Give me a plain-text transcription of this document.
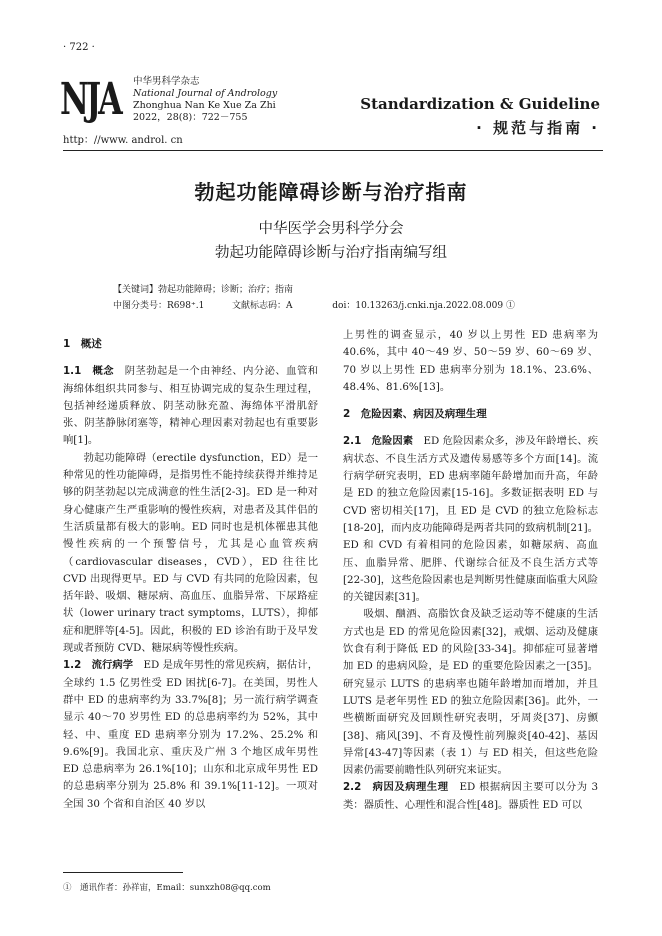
· 722 ·
NJA 中华男科学杂志
National Journal of Andrology
Zhonghua Nan Ke Xue Za Zhi
2022，28(8)：722－755
http：//www. androl. cn
Standardization & Guideline
· 规范与指南 ·
勃起功能障碍诊断与治疗指南
中华医学会男科学分会
勃起功能障碍诊断与治疗指南编写组
【关键词】勃起功能障碍；诊断；治疗；指南
中图分类号：R698⁺.1	文献标志码：A	doi：10.13263/j.cnki.nja.2022.08.009 ①

1　概述

1.1　概念　阴茎勃起是一个由神经、内分泌、血管和海绵体组织共同参与、相互协调完成的复杂生理过程，包括神经递质释放、阴茎动脉充盈、海绵体平滑肌舒张、阴茎静脉闭塞等，精神心理因素对勃起也有重要影响[1]。

勃起功能障碍（erectile dysfunction，ED）是一种常见的性功能障碍，是指男性不能持续获得并维持足够的阴茎勃起以完成满意的性生活[2-3]。ED 是一种对身心健康产生严重影响的慢性疾病，对患者及其伴侣的生活质量都有极大的影响。ED 同时也是机体罹患其他慢性疾病的一个预警信号，尤其是心血管疾病（cardiovascular diseases，CVD），ED 往往比 CVD 出现得更早。ED 与 CVD 有共同的危险因素，包括年龄、吸烟、糖尿病、高血压、血脂异常、下尿路症状（lower urinary tract symptoms，LUTS），抑郁症和肥胖等[4-5]。因此，积极的 ED 诊治有助于及早发现或者预防 CVD、糖尿病等慢性疾病。

1.2　流行病学　ED 是成年男性的常见疾病，据估计，全球约 1.5 亿男性受 ED 困扰[6-7]。在美国，男性人群中 ED 的患病率约为 33.7%[8]；另一流行病学调查显示 40～70 岁男性 ED 的总患病率约为 52%，其中轻、中、重度 ED 患病率分别为 17.2%、25.2% 和 9.6%[9]。我国北京、重庆及广州 3 个地区成年男性 ED 总患病率为 26.1%[10]；山东和北京成年男性 ED 的总患病率分别为 25.8% 和 39.1%[11-12]。一项对全国 30 个省和自治区 40 岁以

上男性的调查显示，40 岁以上男性 ED 患病率为 40.6%，其中 40～49 岁、50～59 岁、60～69 岁、70 岁以上男性 ED 患病率分别为 18.1%、23.6%、48.4%、81.6%[13]。

2　危险因素、病因及病理生理

2.1　危险因素　ED 危险因素众多，涉及年龄增长、疾病状态、不良生活方式及遗传易感等多个方面[14]。流行病学研究表明，ED 患病率随年龄增加而升高，年龄是 ED 的独立危险因素[15-16]。多数证据表明 ED 与 CVD 密切相关[17]，且 ED 是 CVD 的独立危险标志[18-20]，而内皮功能障碍是两者共同的致病机制[21]。ED 和 CVD 有着相同的危险因素，如糖尿病、高血压、血脂异常、肥胖、代谢综合征及不良生活方式等[22-30]，这些危险因素也是判断男性健康面临重大风险的关键因素[31]。

吸烟、酗酒、高脂饮食及缺乏运动等不健康的生活方式也是 ED 的常见危险因素[32]，戒烟、运动及健康饮食有利于降低 ED 的风险[33-34]。抑郁症可显著增加 ED 的患病风险，是 ED 的重要危险因素之一[35]。研究显示 LUTS 的患病率也随年龄增加而增加，并且 LUTS 是老年男性 ED 的独立危险因素[36]。此外，一些横断面研究及回顾性研究表明，牙周炎[37]、房颤[38]、痛风[39]、不育及慢性前列腺炎[40-42]、基因异常[43-47]等因素（表 1）与 ED 相关，但这些危险因素仍需要前瞻性队列研究来证实。

2.2　病因及病理生理　ED 根据病因主要可以分为 3 类：器质性、心理性和混合性[48]。器质性 ED 可以

①　通讯作者：孙祥宙，Email：sunxzh08@qq.com
